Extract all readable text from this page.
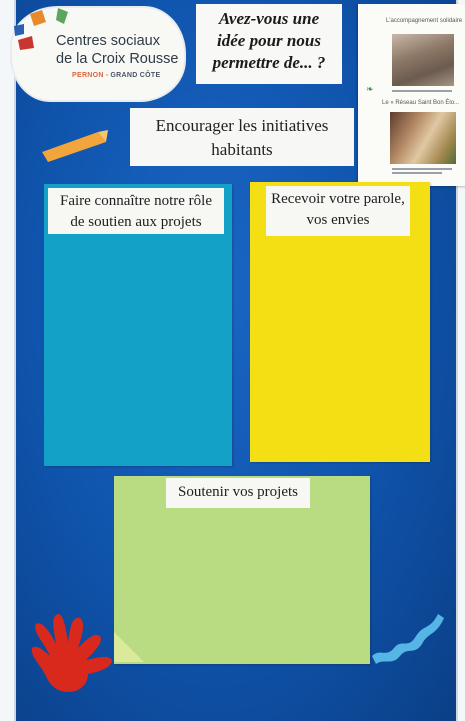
Centres sociaux
de la Croix Rousse
PERNON - GRAND CÔTE
Avez-vous une
idée pour nous
permettre de... ?
L'accompagnement solidaire
Le « Réseau Saint Bon Élo...
❧
Encourager les initiatives
habitants
Faire connaître notre rôle
de soutien aux projets
Recevoir votre parole,
vos envies
Soutenir vos projets
